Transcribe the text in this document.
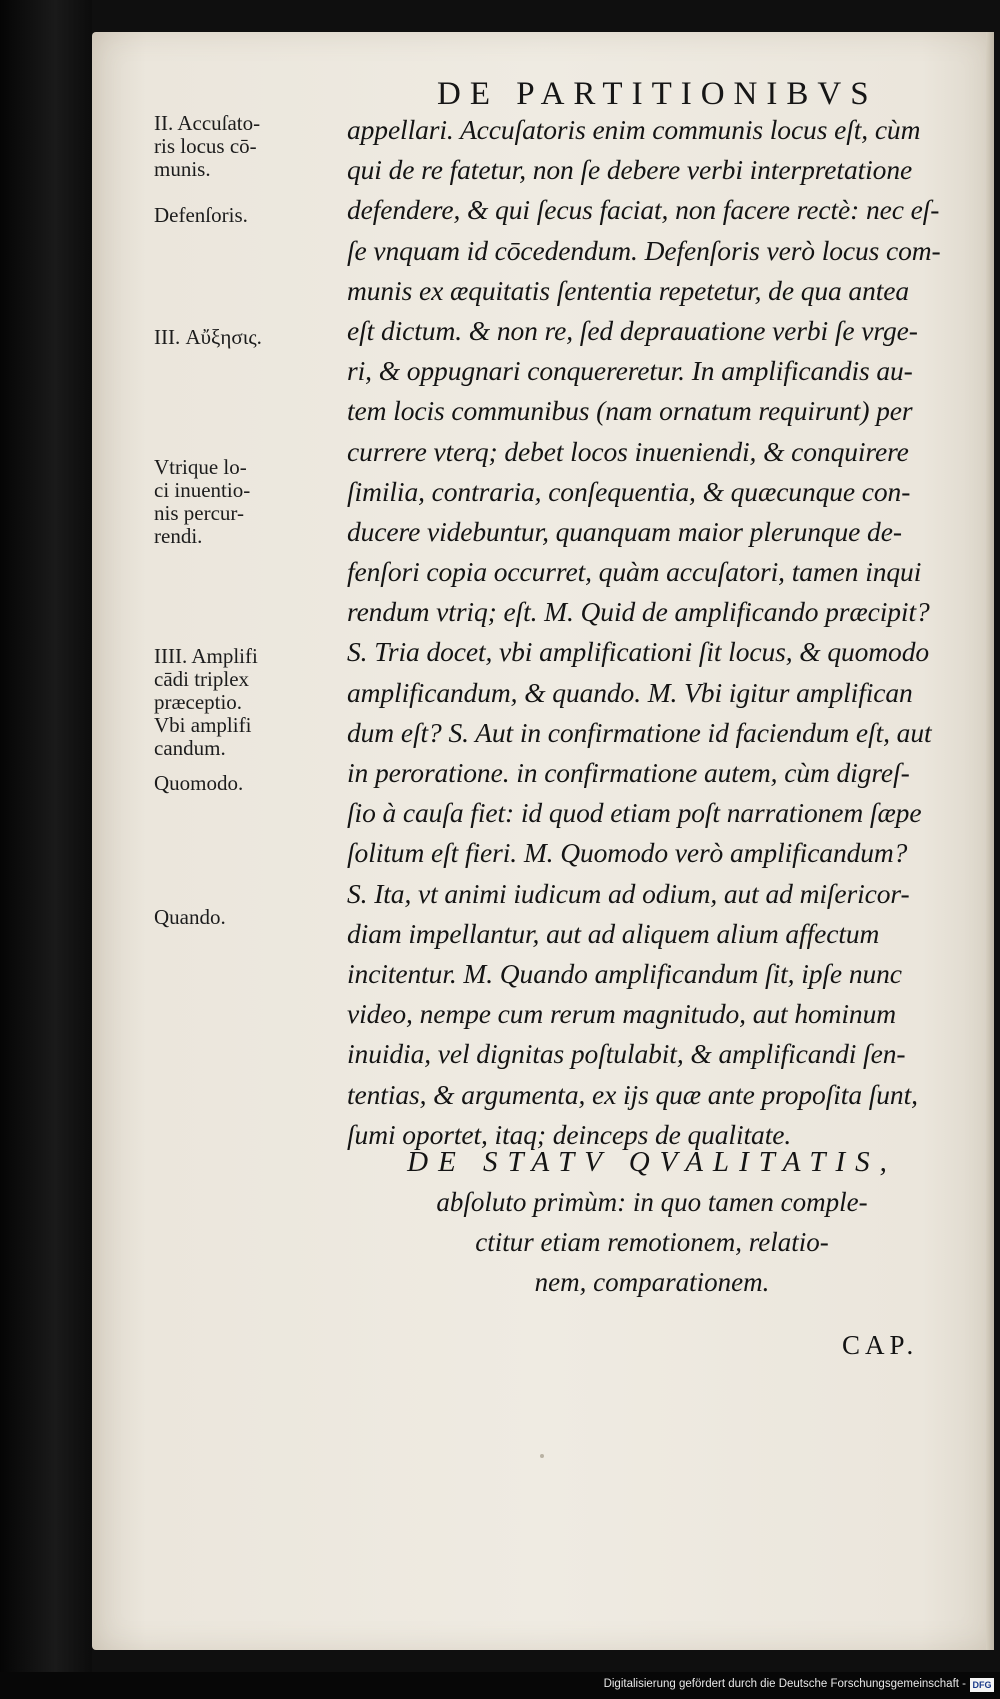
DE PARTITIONIBVS
II. Accuſato-
ris locus cō-
munis.
Defenſoris.
III. Αὔξησις.
Vtrique lo-
ci inuentio-
nis percur-
rendi.
IIII. Amplifi
cādi triplex
præceptio.
Vbi amplifi
candum.
Quomodo.
Quando.
appellari. Accuſatoris enim communis locus eſt, cùm
qui de re fatetur, non ſe debere verbi interpretatione
defendere, & qui ſecus faciat, non facere rectè: nec eſ-
ſe vnquam id cōcedendum. Defenſoris verò locus com-
munis ex æquitatis ſententia repetetur, de qua antea
eſt dictum. & non re, ſed deprauatione verbi ſe vrge-
ri, & oppugnari conquereretur. In amplificandis au-
tem locis communibus (nam ornatum requirunt) per
currere vterq; debet locos inueniendi, & conquirere
ſimilia, contraria, conſequentia, & quæcunque con-
ducere videbuntur, quanquam maior plerunque de-
fenſori copia occurret, quàm accuſatori, tamen inqui
rendum vtriq; eſt. M. Quid de amplificando præcipit?
S. Tria docet, vbi amplificationi ſit locus, & quomodo
amplificandum, & quando. M. Vbi igitur amplifican
dum eſt? S. Aut in confirmatione id faciendum eſt, aut
in peroratione. in confirmatione autem, cùm digreſ-
ſio à cauſa fiet: id quod etiam poſt narrationem ſæpe
ſolitum eſt fieri. M. Quomodo verò amplificandum?
S. Ita, vt animi iudicum ad odium, aut ad miſericor-
diam impellantur, aut ad aliquem alium affectum
incitentur. M. Quando amplificandum ſit, ipſe nunc
video, nempe cum rerum magnitudo, aut hominum
inuidia, vel dignitas poſtulabit, & amplificandi ſen-
tentias, & argumenta, ex ijs quæ ante propoſita ſunt,
ſumi oportet, itaq; deinceps de qualitate.
DE STATV QVALITATIS,
abſoluto primùm: in quo tamen comple-
ctitur etiam remotionem, relatio-
nem, comparationem.
CAP.
Digitalisierung gefördert durch die Deutsche Forschungsgemeinschaft - DFG
